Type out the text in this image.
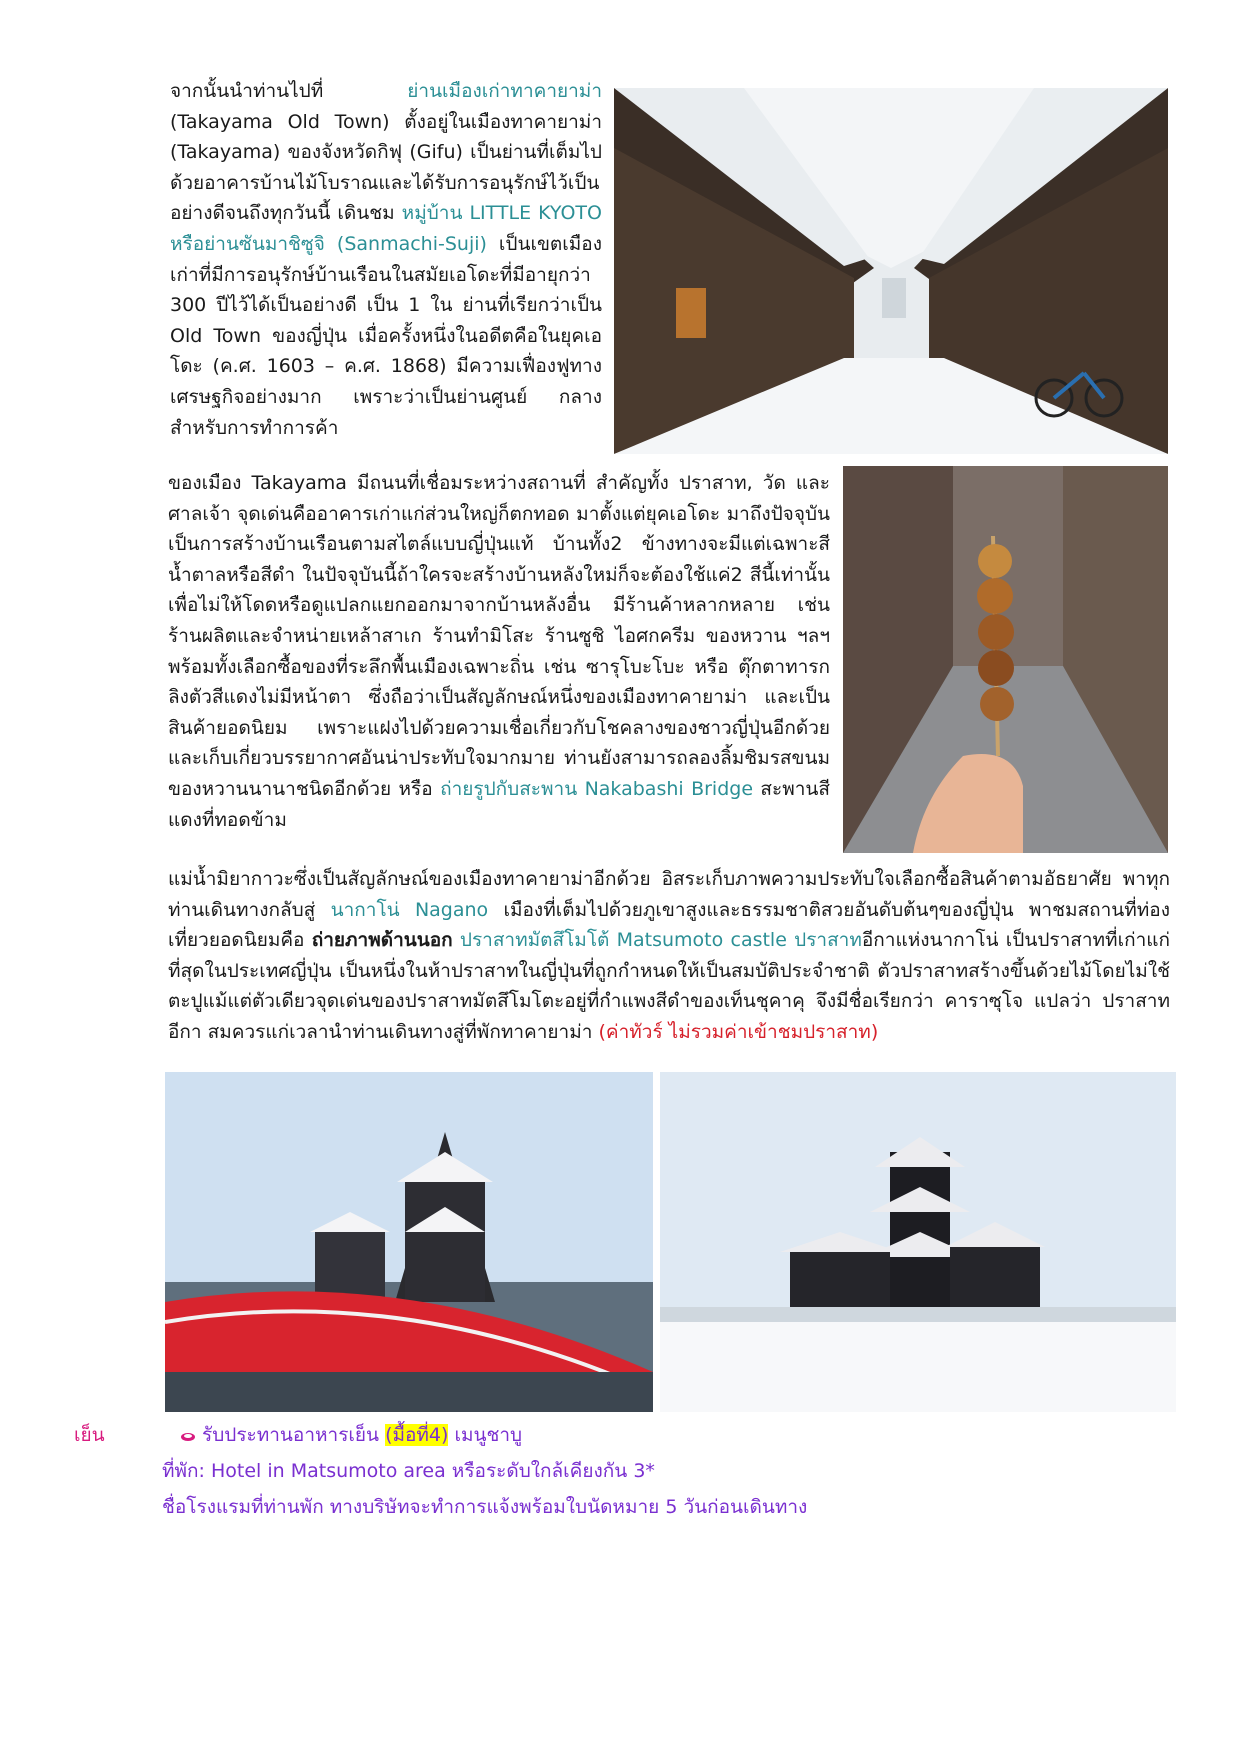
จากนั้นนำท่านไปที่ ย่านเมืองเก่าทาคายาม่า (Takayama Old Town) ตั้งอยู่ในเมืองทาคายาม่า (Takayama) ของจังหวัดกิฟุ (Gifu) เป็นย่านที่เต็มไปด้วยอาคารบ้านไม้โบราณและได้รับการอนุรักษ์ไว้เป็นอย่างดีจนถึงทุกวันนี้ เดินชม หมู่บ้าน LITTLE KYOTO หรือย่านซันมาชิซูจิ (Sanmachi-Suji) เป็นเขตเมืองเก่าที่มีการอนุรักษ์บ้านเรือนในสมัยเอโดะที่มีอายุกว่า 300 ปีไว้ได้เป็นอย่างดี เป็น 1 ใน ย่านที่เรียกว่าเป็น Old Town ของญี่ปุ่น เมื่อครั้งหนึ่งในอดีตคือในยุคเอโดะ (ค.ศ. 1603 – ค.ศ. 1868) มีความเฟื่องฟูทางเศรษฐกิจอย่างมาก เพราะว่าเป็นย่านศูนย์ กลางสำหรับการทำการค้า
ของเมือง Takayama มีถนนที่เชื่อมระหว่างสถานที่ สำคัญทั้ง ปราสาท, วัด และศาลเจ้า จุดเด่นคืออาคารเก่าแก่ส่วนใหญ่ก็ตกทอด มาตั้งแต่ยุคเอโดะ มาถึงปัจจุบัน เป็นการสร้างบ้านเรือนตามสไตล์แบบญี่ปุ่นแท้ บ้านทั้ง2 ข้างทางจะมีแต่เฉพาะสีน้ำตาลหรือสีดำ ในปัจจุบันนี้ถ้าใครจะสร้างบ้านหลังใหม่ก็จะต้องใช้แค่2 สีนี้เท่านั้น เพื่อไม่ให้โดดหรือดูแปลกแยกออกมาจากบ้านหลังอื่น มีร้านค้าหลากหลาย เช่น ร้านผลิตและจำหน่ายเหล้าสาเก ร้านทำมิโสะ ร้านซูชิ ไอศกครีม ของหวาน ฯลฯ พร้อมทั้งเลือกซื้อของที่ระลึกพื้นเมืองเฉพาะถิ่น เช่น ซารุโบะโบะ หรือ ตุ๊กตาทารกลิงตัวสีแดงไม่มีหน้าตา ซึ่งถือว่าเป็นสัญลักษณ์หนึ่งของเมืองทาคายาม่า และเป็นสินค้ายอดนิยม เพราะแฝงไปด้วยความเชื่อเกี่ยวกับโชคลางของชาวญี่ปุ่นอีกด้วย และเก็บเกี่ยวบรรยากาศอันน่าประทับใจมากมาย ท่านยังสามารถลองลิ้มชิมรสขนมของหวานนานาชนิดอีกด้วย หรือ ถ่ายรูปกับสะพาน Nakabashi Bridge สะพานสีแดงที่ทอดข้าม
แม่น้ำมิยากาวะซึ่งเป็นสัญลักษณ์ของเมืองทาคายาม่าอีกด้วย อิสระเก็บภาพความประทับใจเลือกซื้อสินค้าตามอัธยาศัย พาทุกท่านเดินทางกลับสู่ นากาโน่ Nagano เมืองที่เต็มไปด้วยภูเขาสูงและธรรมชาติสวยอันดับต้นๆของญี่ปุ่น พาชมสถานที่ท่องเที่ยวยอดนิยมคือ ถ่ายภาพด้านนอก ปราสาทมัตสึโมโต้ Matsumoto castle ปราสาทอีกาแห่งนากาโน่ เป็นปราสาทที่เก่าแก่ที่สุดในประเทศญี่ปุ่น เป็นหนึ่งในห้าปราสาทในญี่ปุ่นที่ถูกกำหนดให้เป็นสมบัติประจำชาติ ตัวปราสาทสร้างขึ้นด้วยไม้โดยไม่ใช้ตะปูแม้แต่ตัวเดียวจุดเด่นของปราสาทมัตสึโมโตะอยู่ที่กำแพงสีดำของเท็นชุคาคุ จึงมีชื่อเรียกว่า คาราซุโจ แปลว่า ปราสาทอีกา สมควรแก่เวลานำท่านเดินทางสู่ที่พักทาคายาม่า (ค่าทัวร์ ไม่รวมค่าเข้าชมปราสาท)
เย็น	รับประทานอาหารเย็น (มื้อที่4) เมนูชาบู
ที่พัก: Hotel in Matsumoto area หรือระดับใกล้เคียงกัน 3*
ชื่อโรงแรมที่ท่านพัก ทางบริษัทจะทำการแจ้งพร้อมใบนัดหมาย 5 วันก่อนเดินทาง
